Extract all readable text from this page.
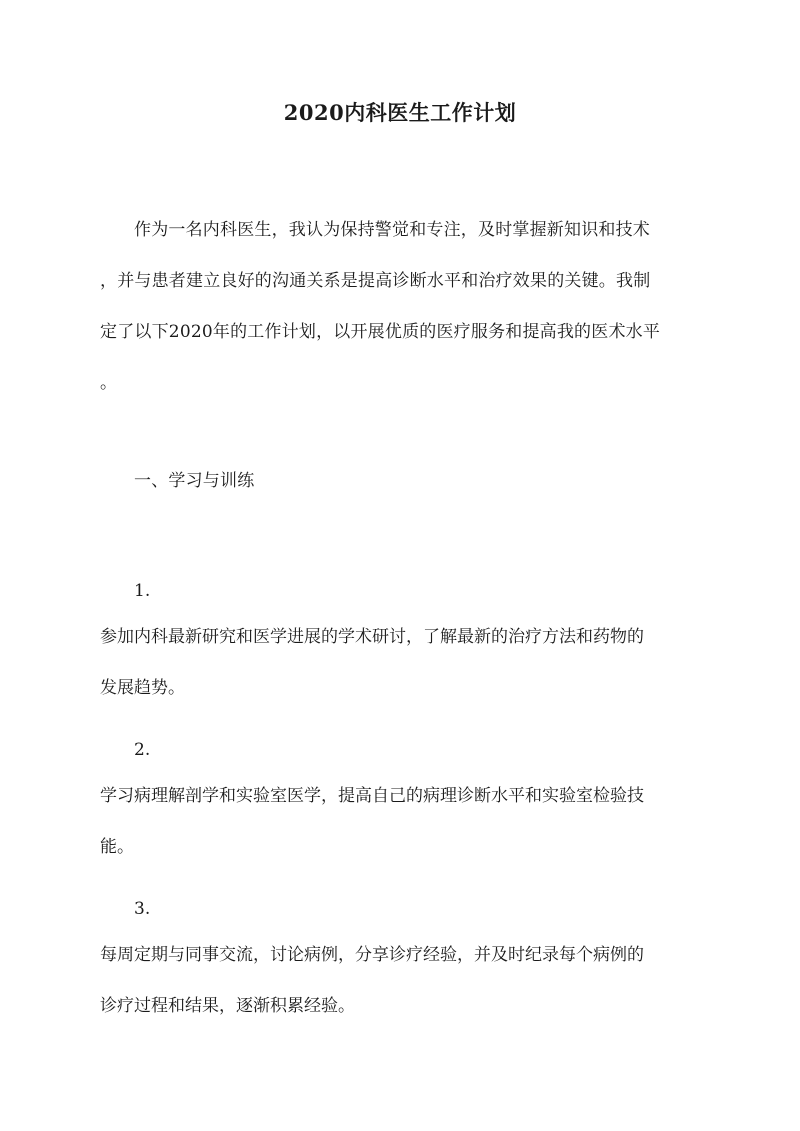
2020内科医生工作计划
作为一名内科医生，我认为保持警觉和专注，及时掌握新知识和技术
，并与患者建立良好的沟通关系是提高诊断水平和治疗效果的关键。我制
定了以下2020年的工作计划，以开展优质的医疗服务和提高我的医术水平
。
一、学习与训练
1.
参加内科最新研究和医学进展的学术研讨，了解最新的治疗方法和药物的
发展趋势。
2.
学习病理解剖学和实验室医学，提高自己的病理诊断水平和实验室检验技
能。
3.
每周定期与同事交流，讨论病例，分享诊疗经验，并及时纪录每个病例的
诊疗过程和结果，逐渐积累经验。
